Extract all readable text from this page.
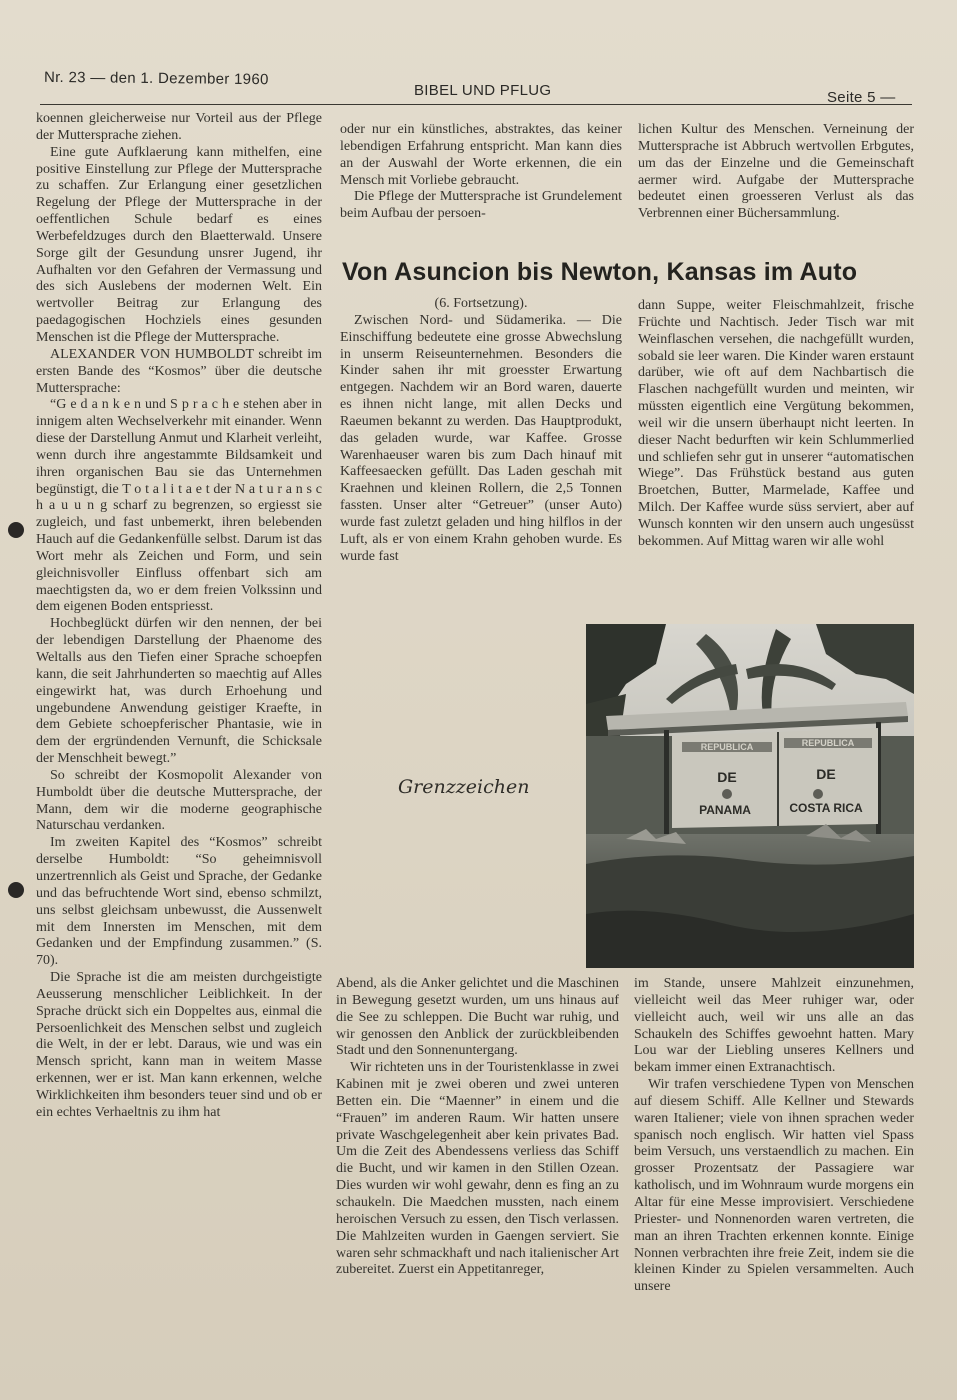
Nr. 23 — den 1. Dezember 1960
BIBEL UND PFLUG	Seite 5 —

koennen gleicherweise nur Vorteil aus der Pflege der Muttersprache ziehen.

Eine gute Aufklaerung kann mithelfen, eine positive Einstellung zur Pflege der Muttersprache zu schaffen. Zur Erlangung einer gesetzlichen Regelung der Pflege der Muttersprache in der oeffentlichen Schule bedarf es eines Werbefeldzuges durch den Blaetterwald. Unsere Sorge gilt der Gesundung unsrer Jugend, ihr Aufhalten vor den Gefahren der Vermassung und des sich Auslebens der modernen Welt. Ein wertvoller Beitrag zur Erlangung des paedagogischen Hochziels eines gesunden Menschen ist die Pflege der Muttersprache.

ALEXANDER VON HUMBOLDT schreibt im ersten Bande des “Kosmos” über die deutsche Muttersprache:

“G e d a n k e n und S p r a c h e stehen aber in innigem alten Wechselverkehr mit einander. Wenn diese der Darstellung Anmut und Klarheit verleiht, wenn durch ihre angestammte Bildsamkeit und ihren organischen Bau sie das Unternehmen begünstigt, die T o t a l i t a e t der N a t u r a n s c h a u u n g scharf zu begrenzen, so ergiesst sie zugleich, und fast unbemerkt, ihren belebenden Hauch auf die Gedankenfülle selbst. Darum ist das Wort mehr als Zeichen und Form, und sein gleichnisvoller Einfluss offenbart sich am maechtigsten da, wo er dem freien Volkssinn und dem eigenen Boden entspriesst.

Hochbeglückt dürfen wir den nennen, der bei der lebendigen Darstellung der Phaenome des Weltalls aus den Tiefen einer Sprache schoepfen kann, die seit Jahrhunderten so maechtig auf Alles eingewirkt hat, was durch Erhoehung und ungebundene Anwendung geistiger Kraefte, in dem Gebiete schoepferischer Phantasie, wie in dem der ergründenden Vernunft, die Schicksale der Menschheit bewegt.”

So schreibt der Kosmopolit Alexander von Humboldt über die deutsche Muttersprache, der Mann, dem wir die moderne geographische Naturschau verdanken.

Im zweiten Kapitel des “Kosmos” schreibt derselbe Humboldt: “So geheimnisvoll unzertrennlich als Geist und Sprache, der Gedanke und das befruchtende Wort sind, ebenso schmilzt, uns selbst gleichsam unbewusst, die Aussenwelt mit dem Innersten im Menschen, mit dem Gedanken und der Empfindung zusammen.” (S. 70).

Die Sprache ist die am meisten durchgeistigte Aeusserung menschlicher Leiblichkeit. In der Sprache drückt sich ein Doppeltes aus, einmal die Persoenlichkeit des Menschen selbst und zugleich die Welt, in der er lebt. Daraus, wie und was ein Mensch spricht, kann man in weitem Masse erkennen, wer er ist. Man kann erkennen, welche Wirklichkeiten ihm besonders teuer sind und ob er ein echtes Verhaeltnis zu ihm hat

oder nur ein künstliches, abstraktes, das keiner lebendigen Erfahrung entspricht. Man kann dies an der Auswahl der Worte erkennen, die ein Mensch mit Vorliebe gebraucht.

Die Pflege der Muttersprache ist Grundelement beim Aufbau der persoen-

lichen Kultur des Menschen. Verneinung der Muttersprache ist Abbruch wertvollen Erbgutes, um das der Einzelne und die Gemeinschaft aermer wird. Aufgabe der Muttersprache bedeutet einen groesseren Verlust als das Verbrennen einer Büchersammlung.

Von Asuncion bis Newton, Kansas im Auto

(6. Fortsetzung).

Zwischen Nord- und Südamerika. — Die Einschiffung bedeutete eine grosse Abwechslung in unserm Reiseunternehmen. Besonders die Kinder sahen ihr mit groesster Erwartung entgegen. Nachdem wir an Bord waren, dauerte es ihnen nicht lange, mit allen Decks und Raeumen bekannt zu werden. Das Hauptprodukt, das geladen wurde, war Kaffee. Grosse Warenhaeuser waren bis zum Dach hinauf mit Kaffeesaecken gefüllt. Das Laden geschah mit Kraehnen und kleinen Rollern, die 2,5 Tonnen fassten. Unser alter “Getreuer” (unser Auto) wurde fast zuletzt geladen und hing hilflos in der Luft, als er von einem Krahn gehoben wurde. Es wurde fast

dann Suppe, weiter Fleischmahlzeit, frische Früchte und Nachtisch. Jeder Tisch war mit Weinflaschen versehen, die nachgefüllt wurden, sobald sie leer waren. Die Kinder waren erstaunt darüber, wie oft auf dem Nachbartisch die Flaschen nachgefüllt wurden und meinten, wir müssten eigentlich eine Vergütung bekommen, weil wir die unsern überhaupt nicht leerten. In dieser Nacht bedurften wir kein Schlummerlied und schliefen sehr gut in unserer “automatischen Wiege”. Das Frühstück bestand aus guten Broetchen, Butter, Marmelade, Kaffee und Milch. Der Kaffee wurde süss serviert, aber auf Wunsch konnten wir den unsern auch ungesüsst bekommen. Auf Mittag waren wir alle wohl

DE	DE
PANAMA	COSTA RICA
REPUBLICA	REPUBLICA
Grenzzeichen

Abend, als die Anker gelichtet und die Maschinen in Bewegung gesetzt wurden, um uns hinaus auf die See zu schleppen. Die Bucht war ruhig, und wir genossen den Anblick der zurückbleibenden Stadt und den Sonnenuntergang.

Wir richteten uns in der Touristenklasse in zwei Kabinen mit je zwei oberen und zwei unteren Betten ein. Die “Maenner” in einem und die “Frauen” im anderen Raum. Wir hatten unsere private Waschgelegenheit aber kein privates Bad. Um die Zeit des Abendessens verliess das Schiff die Bucht, und wir kamen in den Stillen Ozean. Dies wurden wir wohl gewahr, denn es fing an zu schaukeln. Die Maedchen mussten, nach einem heroischen Versuch zu essen, den Tisch verlassen. Die Mahlzeiten wurden in Gaengen serviert. Sie waren sehr schmackhaft und nach italienischer Art zubereitet. Zuerst ein Appetitanreger,

im Stande, unsere Mahlzeit einzunehmen, vielleicht weil das Meer ruhiger war, oder vielleicht auch, weil wir uns alle an das Schaukeln des Schiffes gewoehnt hatten. Mary Lou war der Liebling unseres Kellners und bekam immer einen Extranachtisch.

Wir trafen verschiedene Typen von Menschen auf diesem Schiff. Alle Kellner und Stewards waren Italiener; viele von ihnen sprachen weder spanisch noch englisch. Wir hatten viel Spass beim Versuch, uns verstaendlich zu machen. Ein grosser Prozentsatz der Passagiere war katholisch, und im Wohnraum wurde morgens ein Altar für eine Messe improvisiert. Verschiedene Priester- und Nonnenorden waren vertreten, die man an ihren Trachten erkennen konnte. Einige Nonnen verbrachten ihre freie Zeit, indem sie die kleinen Kinder zu Spielen versammelten. Auch unsere
